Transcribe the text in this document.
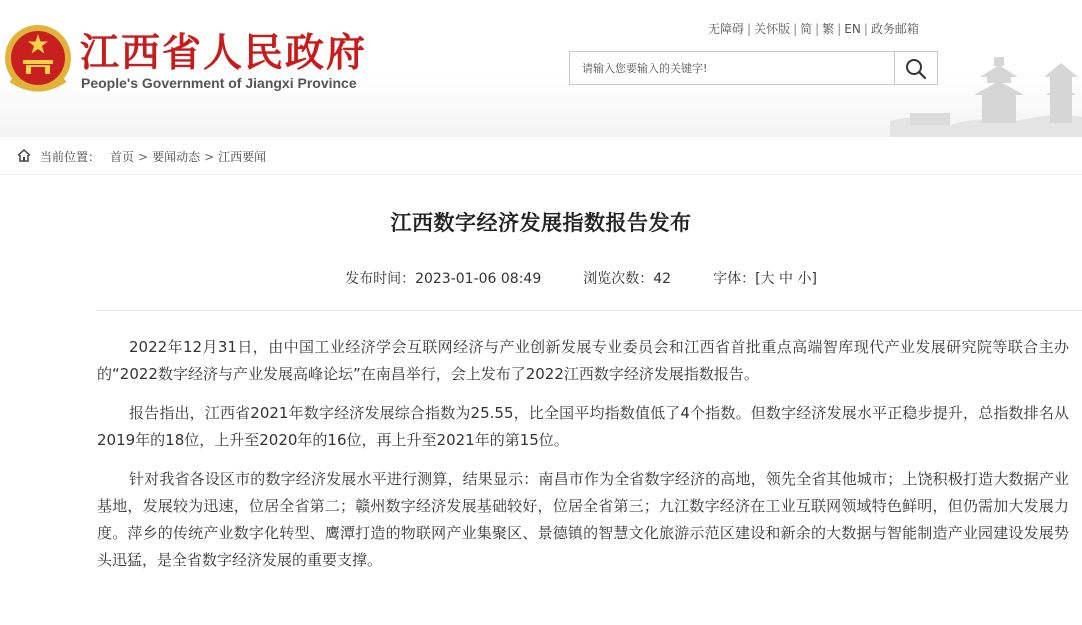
江西省人民政府
People's Government of Jiangxi Province
无障碍 | 关怀版 | 简 | 繁 | EN | 政务邮箱
请输入您要输入的关键字!
当前位置： 首页 > 要闻动态 > 江西要闻
江西数字经济发展指数报告发布
发布时间：2023-01-06 08:49	浏览次数：42	字体：[大 中 小]

2022年12月31日，由中国工业经济学会互联网经济与产业创新发展专业委员会和江西省首批重点高端智库现代产业发展研究院等联合主办的“2022数字经济与产业发展高峰论坛”在南昌举行，会上发布了2022江西数字经济发展指数报告。

报告指出，江西省2021年数字经济发展综合指数为25.55，比全国平均指数值低了4个指数。但数字经济发展水平正稳步提升，总指数排名从2019年的18位，上升至2020年的16位，再上升至2021年的第15位。

针对我省各设区市的数字经济发展水平进行测算，结果显示：南昌市作为全省数字经济的高地，领先全省其他城市；上饶积极打造大数据产业基地，发展较为迅速，位居全省第二；赣州数字经济发展基础较好，位居全省第三；九江数字经济在工业互联网领域特色鲜明，但仍需加大发展力度。萍乡的传统产业数字化转型、鹰潭打造的物联网产业集聚区、景德镇的智慧文化旅游示范区建设和新余的大数据与智能制造产业园建设发展势头迅猛，是全省数字经济发展的重要支撑。
